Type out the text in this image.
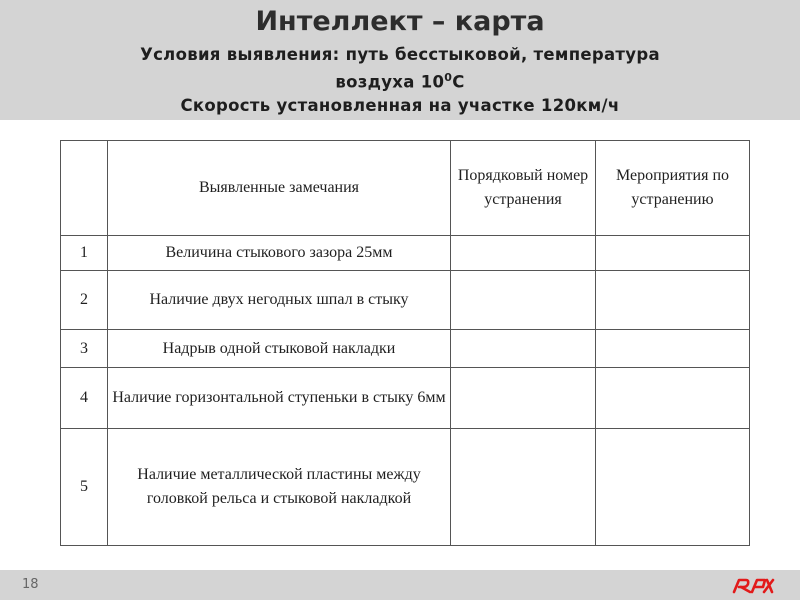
Интеллект – карта
Условия выявления: путь бесстыковой, температура
воздуха $10^0С$
Скорость установленная на участке 120км/ч
	Выявленные замечания	Порядковый номер устранения	Мероприятия по устранению
1	Величина стыкового зазора 25мм		
2	Наличие двух негодных шпал в стыку		
3	Надрыв одной стыковой накладки		
4	Наличие горизонтальной ступеньки в стыку 6мм		
5	Наличие металлической пластины между головкой рельса и стыковой накладкой		
18
